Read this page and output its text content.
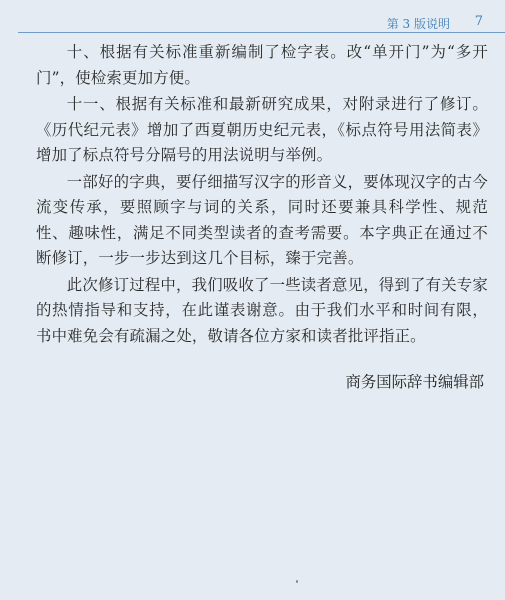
第 3 版说明 7

十、根据有关标准重新编制了检字表。改“单开门”为“多开门”，使检索更加方便。

十一、根据有关标准和最新研究成果，对附录进行了修订。《历代纪元表》增加了西夏朝历史纪元表，《标点符号用法简表》增加了标点符号分隔号的用法说明与举例。

一部好的字典，要仔细描写汉字的形音义，要体现汉字的古今流变传承，要照顾字与词的关系，同时还要兼具科学性、规范性、趣味性，满足不同类型读者的查考需要。本字典正在通过不断修订，一步一步达到这几个目标，臻于完善。

此次修订过程中，我们吸收了一些读者意见，得到了有关专家的热情指导和支持，在此谨表谢意。由于我们水平和时间有限，书中难免会有疏漏之处，敬请各位方家和读者批评指正。

商务国际辞书编辑部
